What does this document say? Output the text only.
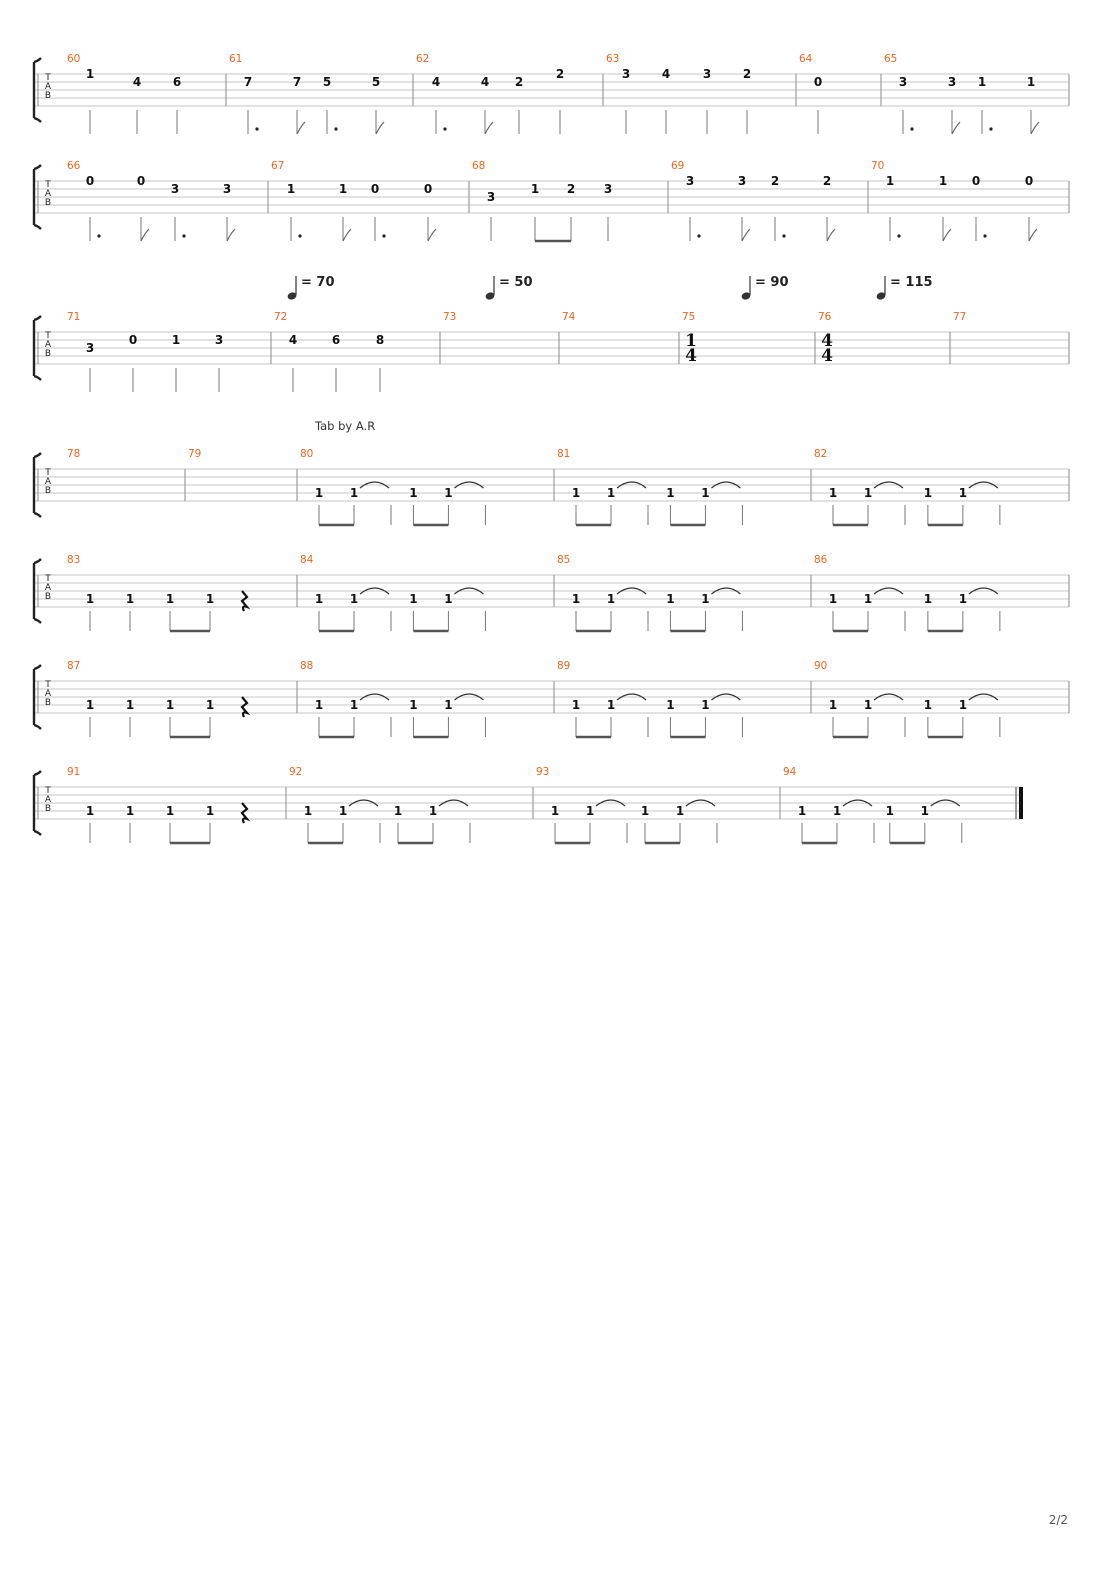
T
A
B
60
1
4	6
61
7	7 5	5
62
4	4 2
2
63
3	4	3	2
64
0
65
3	3 1	1
T
A
B
66
0	0
3	3
67
1	1 0	0
68
3
1 2 3
69
3	3 2	2
70
1	1 0	0
T
A
B
71
3
0	1	3
72
4	6	8
73	74	75
1
4
76
4
4
77
T
A
B
78	79	80
1 1	1 1
81
1 1	1 1
82
1 1	1 1
T
A
B
83
1	1	1	1
84
1 1	1 1
85
1 1	1 1
86
1 1	1 1
T
A
B
87
1	1	1	1
88
1 1	1 1
89
1 1	1 1
90
1 1	1 1
T
A
B
91
1	1	1	1
92
1 1	1 1
93
1 1	1 1
94
1 1	1 1
= 70	= 50	= 90	= 115
Tab by A.R
2/2
